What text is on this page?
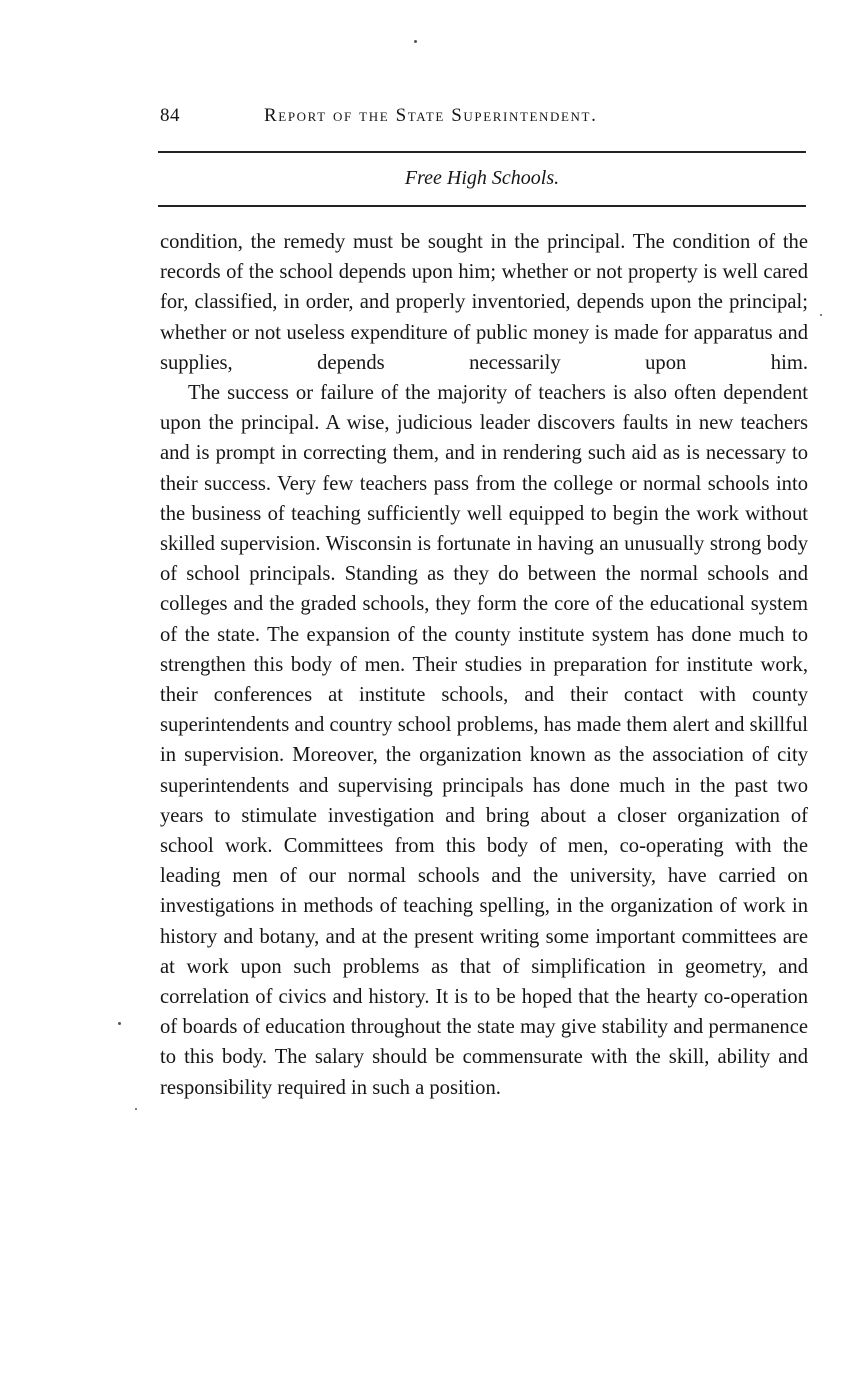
84	Report of the State Superintendent.
Free High Schools.

condition, the remedy must be sought in the principal. The condition of the records of the school depends upon him; whether or not property is well cared for, classified, in order, and properly inventoried, depends upon the principal; whether or not useless expenditure of public money is made for apparatus and supplies, depends necessarily upon him.

The success or failure of the majority of teachers is also often dependent upon the principal. A wise, judicious leader discovers faults in new teachers and is prompt in correcting them, and in rendering such aid as is necessary to their success. Very few teachers pass from the college or normal schools into the business of teaching sufficiently well equipped to begin the work without skilled supervision. Wisconsin is fortunate in having an unusually strong body of school principals. Standing as they do between the normal schools and colleges and the graded schools, they form the core of the educational system of the state. The expansion of the county institute system has done much to strengthen this body of men. Their studies in preparation for institute work, their conferences at institute schools, and their contact with county superintendents and country school problems, has made them alert and skillful in supervision. Moreover, the organization known as the association of city superintendents and supervising principals has done much in the past two years to stimulate investigation and bring about a closer organization of school work. Committees from this body of men, co-operating with the leading men of our normal schools and the university, have carried on investigations in methods of teaching spelling, in the organization of work in history and botany, and at the present writing some important committees are at work upon such problems as that of simplification in geometry, and correlation of civics and history. It is to be hoped that the hearty co-operation of boards of education throughout the state may give stability and permanence to this body. The salary should be commensurate with the skill, ability and responsibility required in such a position.
